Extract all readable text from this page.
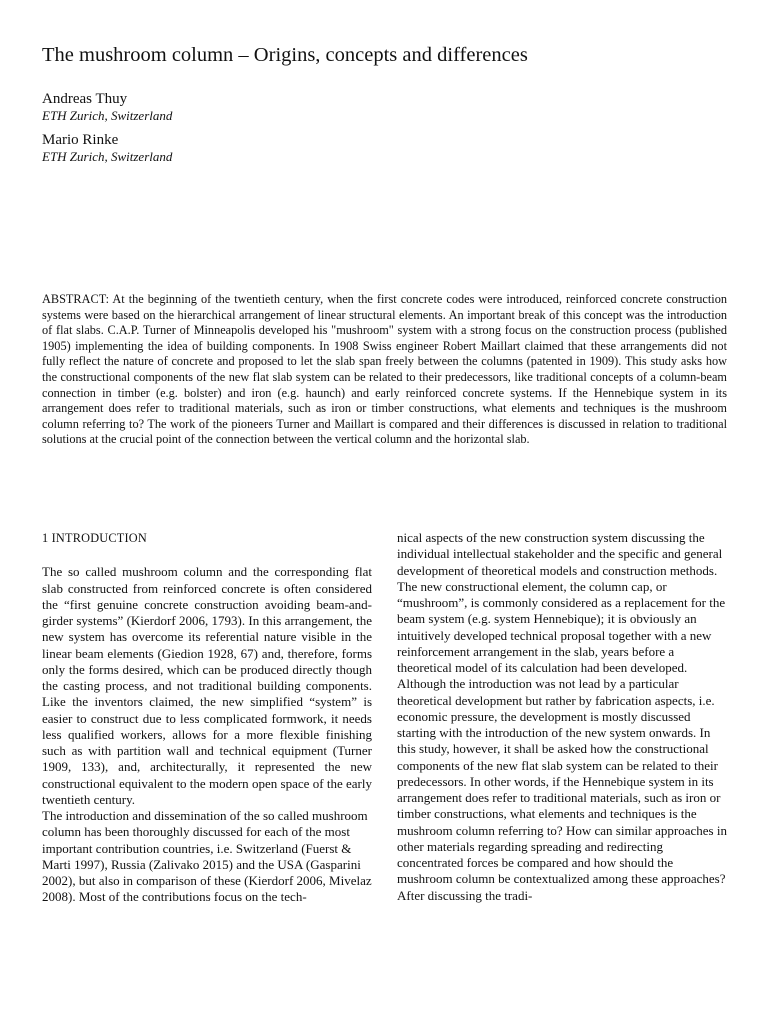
The mushroom column – Origins, concepts and differences
Andreas Thuy
ETH Zurich, Switzerland
Mario Rinke
ETH Zurich, Switzerland

ABSTRACT: At the beginning of the twentieth century, when the first concrete codes were introduced, reinforced concrete construction systems were based on the hierarchical arrangement of linear structural elements. An important break of this concept was the introduction of flat slabs. C.A.P. Turner of Minneapolis developed his "mushroom" system with a strong focus on the construction process (published 1905) implementing the idea of building components. In 1908 Swiss engineer Robert Maillart claimed that these arrangements did not fully reflect the nature of concrete and proposed to let the slab span freely between the columns (patented in 1909). This study asks how the constructional components of the new flat slab system can be related to their predecessors, like traditional concepts of a column-beam connection in timber (e.g. bolster) and iron (e.g. haunch) and early reinforced concrete systems. If the Hennebique system in its arrangement does refer to traditional materials, such as iron or timber constructions, what elements and techniques is the mushroom column referring to? The work of the pioneers Turner and Maillart is compared and their differences is discussed in relation to traditional solutions at the crucial point of the connection between the vertical column and the horizontal slab.

1 INTRODUCTION

The so called mushroom column and the corresponding flat slab constructed from reinforced concrete is often considered the “first genuine concrete construction avoiding beam-and-girder systems” (Kierdorf 2006, 1793). In this arrangement, the new system has overcome its referential nature visible in the linear beam elements (Giedion 1928, 67) and, therefore, forms only the forms desired, which can be produced directly though the casting process, and not traditional building components. Like the inventors claimed, the new simplified “system” is easier to construct due to less complicated formwork, it needs less qualified workers, allows for a more flexible finishing such as with partition wall and technical equipment (Turner 1909, 133), and, architecturally, it represented the new constructional equivalent to the modern open space of the early twentieth century.

The introduction and dissemination of the so called mushroom column has been thoroughly discussed for each of the most important contribution countries, i.e. Switzerland (Fuerst & Marti 1997), Russia (Zalivako 2015) and the USA (Gasparini 2002), but also in comparison of these (Kierdorf 2006, Mivelaz 2008). Most of the contributions focus on the tech-

nical aspects of the new construction system discussing the individual intellectual stakeholder and the specific and general development of theoretical models and construction methods. The new constructional element, the column cap, or “mushroom”, is commonly considered as a replacement for the beam system (e.g. system Hennebique); it is obviously an intuitively developed technical proposal together with a new reinforcement arrangement in the slab, years before a theoretical model of its calculation had been developed. Although the introduction was not lead by a particular theoretical development but rather by fabrication aspects, i.e. economic pressure, the development is mostly discussed starting with the introduction of the new system onwards. In this study, however, it shall be asked how the constructional components of the new flat slab system can be related to their predecessors. In other words, if the Hennebique system in its arrangement does refer to traditional materials, such as iron or timber constructions, what elements and techniques is the mushroom column referring to? How can similar approaches in other materials regarding spreading and redirecting concentrated forces be compared and how should the mushroom column be contextualized among these approaches? After discussing the tradi-
